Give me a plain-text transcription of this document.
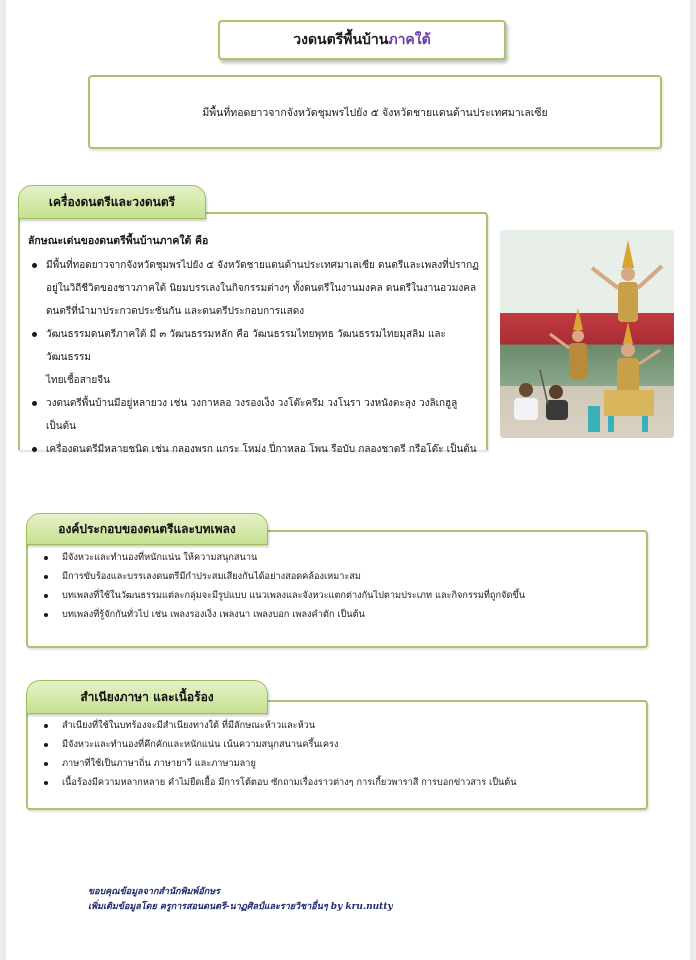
วงดนตรีพื้นบ้าน ภาคใต้
มีพื้นที่ทอดยาวจากจังหวัดชุมพรไปยัง ๕ จังหวัดชายแดนด้านประเทศมาเลเซีย
เครื่องดนตรีและวงดนตรี
ลักษณะเด่นของดนตรีพื้นบ้านภาคใต้ คือ
มีพื้นที่ทอดยาวจากจังหวัดชุมพรไปยัง ๕ จังหวัดชายแดนด้านประเทศมาเลเซีย ดนตรีและเพลงที่ปรากฏ
อยู่ในวิถีชีวิตของชาวภาคใต้ นิยมบรรเลงในกิจกรรมต่างๆ ทั้งดนตรีในงานมงคล ดนตรีในงานอวมงคล
ดนตรีที่นำมาประกวดประชันกัน และดนตรีประกอบการแสดง
วัฒนธรรมดนตรีภาคใต้ มี ๓ วัฒนธรรมหลัก คือ วัฒนธรรมไทยพุทธ วัฒนธรรมไทยมุสลิม และวัฒนธรรม
ไทยเชื้อสายจีน
วงดนตรีพื้นบ้านมีอยู่หลายวง เช่น วงกาหลอ วงรองเง็ง วงโต๊ะครึม วงโนรา วงหนังตะลุง วงลิเกฮูลู เป็นต้น
เครื่องดนตรีมีหลายชนิด เช่น กลองพรก แกระ โหม่ง ปี่กาหลอ โพน รือบับ กลองชาตรี กรือโต๊ะ เป็นต้น
องค์ประกอบของดนตรีและบทเพลง
มีจังหวะและทำนองที่หนักแน่น ให้ความสนุกสนาน
มีการขับร้องและบรรเลงดนตรีมีกำประสมเสียงกันได้อย่างสอดคล้องเหมาะสม
บทเพลงที่ใช้ในวัฒนธรรมแต่ละกลุ่มจะมีรูปแบบ แนวเพลงและจังหวะแตกต่างกันไปตามประเภท และกิจกรรมที่ถูกจัดขึ้น
บทเพลงที่รู้จักกันทั่วไป เช่น เพลงรองเง็ง เพลงนา เพลงบอก เพลงคำตัก เป็นต้น
สำเนียงภาษา และเนื้อร้อง
สำเนียงที่ใช้ในบทร้องจะมีสำเนียงทางใต้ ที่มีลักษณะห้าวและห้วน
มีจังหวะและทำนองที่คึกคักและหนักแน่น เน้นความสนุกสนานครึ้นเครง
ภาษาที่ใช้เป็นภาษาถิ่น ภาษายาวี และภาษามลายู
เนื้อร้องมีความหลากหลาย คำไม่ยืดเยื้อ มีการโต้ตอบ ซักถามเรื่องราวต่างๆ การเกี้ยวพาราสี การบอกข่าวสาร เป็นต้น
ขอบคุณข้อมูลจากสำนักพิมพ์อักษร
เพิ่มเติมข้อมูลโดย ครูการสอนดนตรี-นาฏศิลป์และรายวิชาอื่นๆ by kru.nutty
